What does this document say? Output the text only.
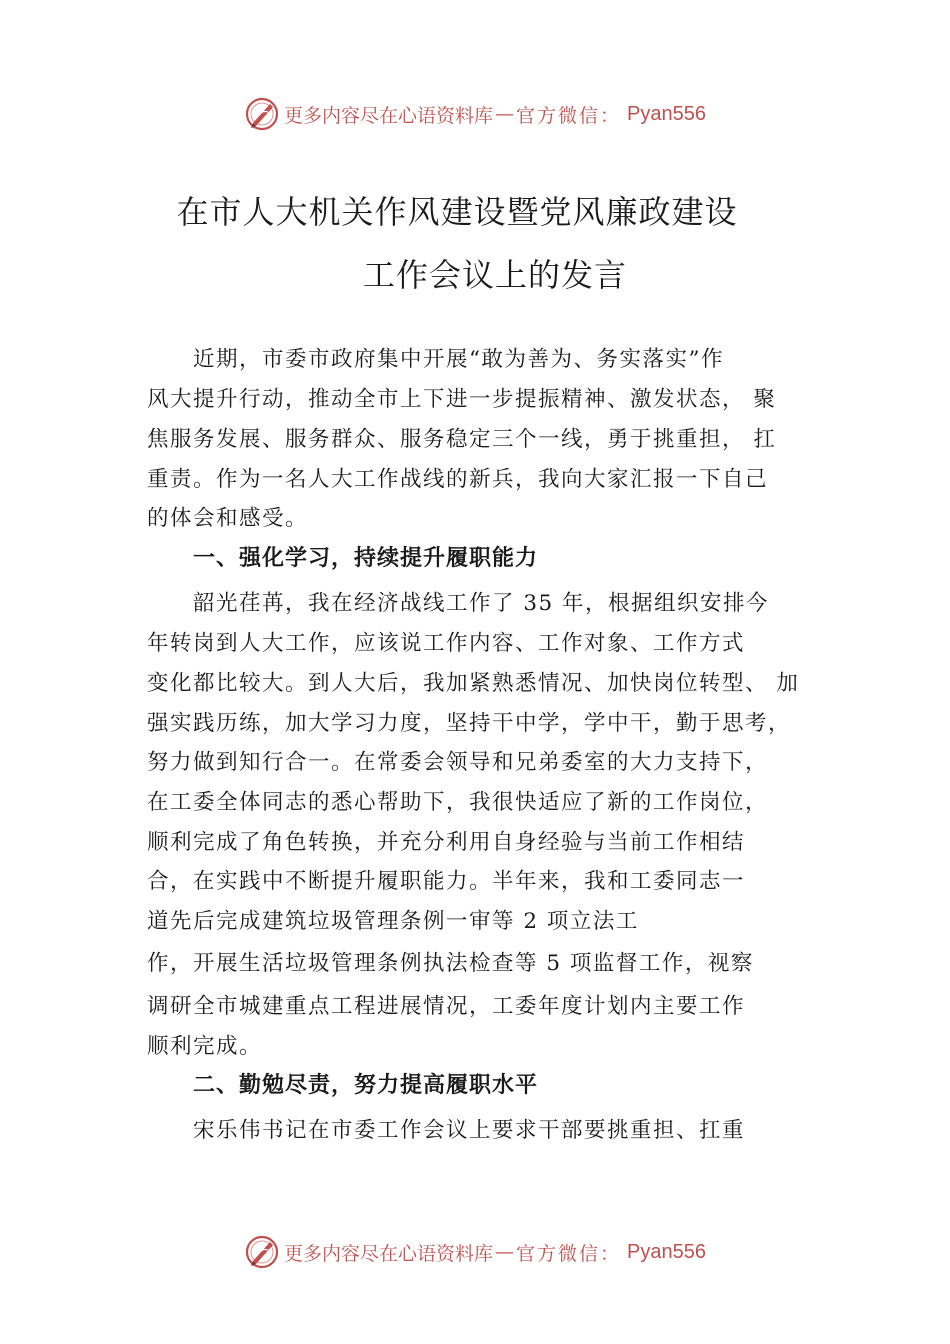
更多内容尽在心语资料库 — 官方微信： Pyan556
在市人大机关作风建设暨党风廉政建设
工作会议上的发言
　　近期，市委市政府集中开展“敢为善为、务实落实”作
风大提升行动，推动全市上下进一步提振精神、激发状态， 聚
焦服务发展、服务群众、服务稳定三个一线，勇于挑重担， 扛
重责。作为一名人大工作战线的新兵，我向大家汇报一下自己
的体会和感受。
　　一、强化学习，持续提升履职能力
　　韶光荏苒，我在经济战线工作了 35 年，根据组织安排今
年转岗到人大工作，应该说工作内容、工作对象、工作方式
变化都比较大。到人大后，我加紧熟悉情况、加快岗位转型、 加
强实践历练，加大学习力度，坚持干中学，学中干，勤于思考，
努力做到知行合一。在常委会领导和兄弟委室的大力支持下，
在工委全体同志的悉心帮助下，我很快适应了新的工作岗位，
顺利完成了角色转换，并充分利用自身经验与当前工作相结
合，在实践中不断提升履职能力。半年来，我和工委同志一
道先后完成建筑垃圾管理条例一审等 2 项立法工
作，开展生活垃圾管理条例执法检查等 5 项监督工作，视察
调研全市城建重点工程进展情况，工委年度计划内主要工作
顺利完成。
　　二、勤勉尽责，努力提高履职水平
　　宋乐伟书记在市委工作会议上要求干部要挑重担、扛重
更多内容尽在心语资料库 — 官方微信： Pyan556
